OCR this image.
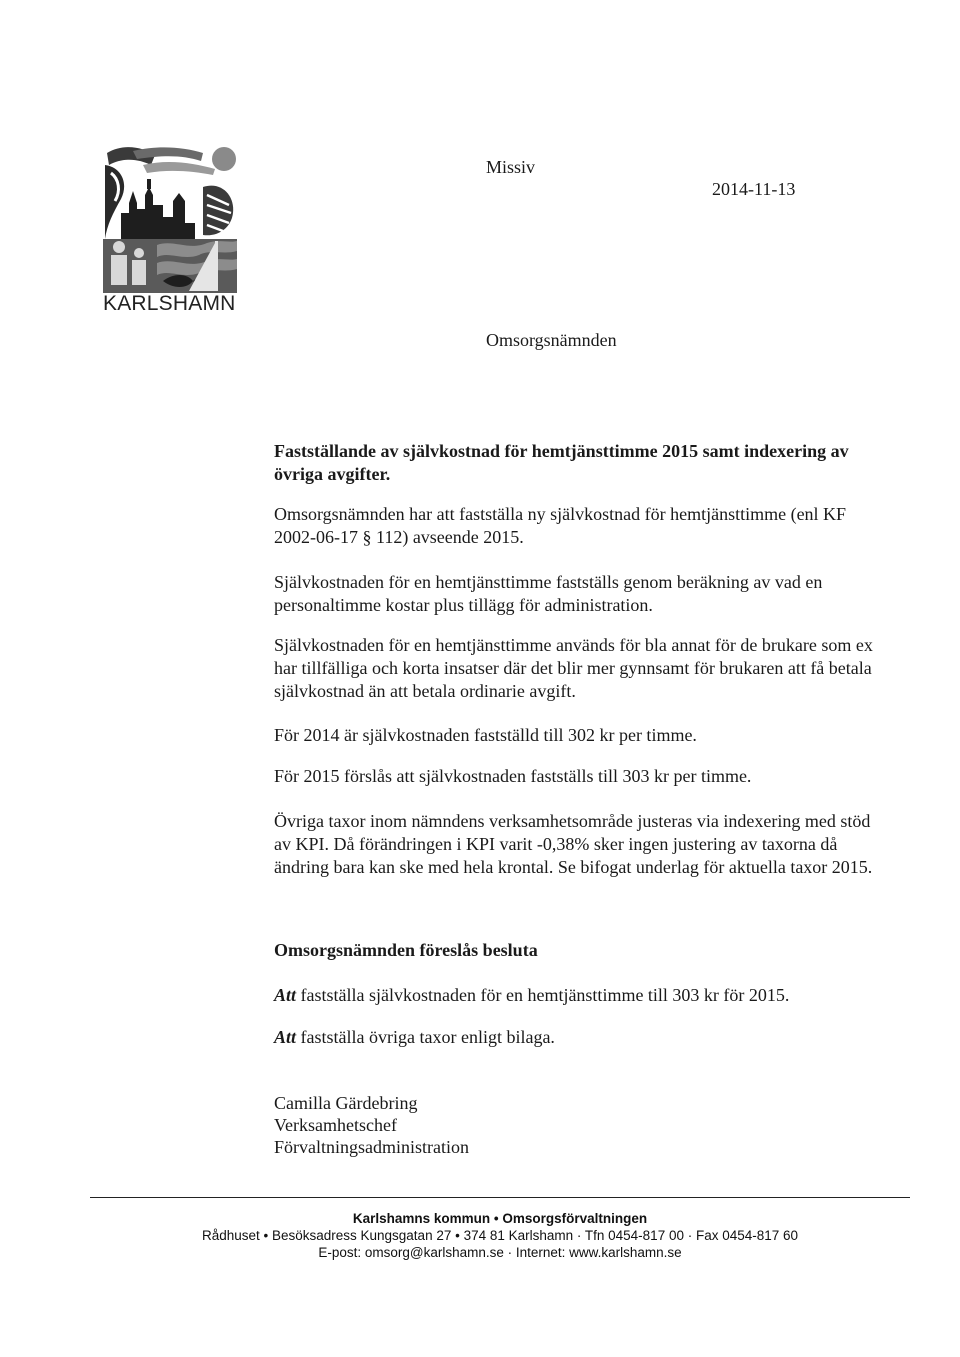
KARLSHAMN
Missiv
2014-11-13
Omsorgsnämnden

Fastställande av självkostnad för hemtjänsttimme 2015 samt indexering av övriga avgifter.

Omsorgsnämnden har att fastställa ny självkostnad för hemtjänsttimme (enl KF 2002-06-17 § 112) avseende 2015.

Självkostnaden för en hemtjänsttimme fastställs genom beräkning av vad en personaltimme kostar plus tillägg för administration.

Självkostnaden för en hemtjänsttimme används för bla annat för de brukare som ex har tillfälliga och korta insatser där det blir mer gynnsamt för brukaren att få betala självkostnad än att betala ordinarie avgift.

För 2014 är självkostnaden fastställd till 302 kr per timme.

För 2015 förslås att självkostnaden fastställs till 303 kr per timme.

Övriga taxor inom nämndens verksamhetsområde justeras via indexering med stöd av KPI. Då förändringen i KPI varit -0,38% sker ingen justering av taxorna då ändring bara kan ske med hela krontal. Se bifogat underlag för aktuella taxor 2015.

Omsorgsnämnden föreslås besluta
Att fastställa självkostnaden för en hemtjänsttimme till 303 kr för 2015.
Att fastställa övriga taxor enligt bilaga.
Camilla Gärdebring
Verksamhetschef
Förvaltningsadministration
Karlshamns kommun • Omsorgsförvaltningen
Rådhuset • Besöksadress Kungsgatan 27 • 374 81 Karlshamn · Tfn 0454-817 00 · Fax 0454-817 60
E-post: omsorg@karlshamn.se · Internet: www.karlshamn.se
